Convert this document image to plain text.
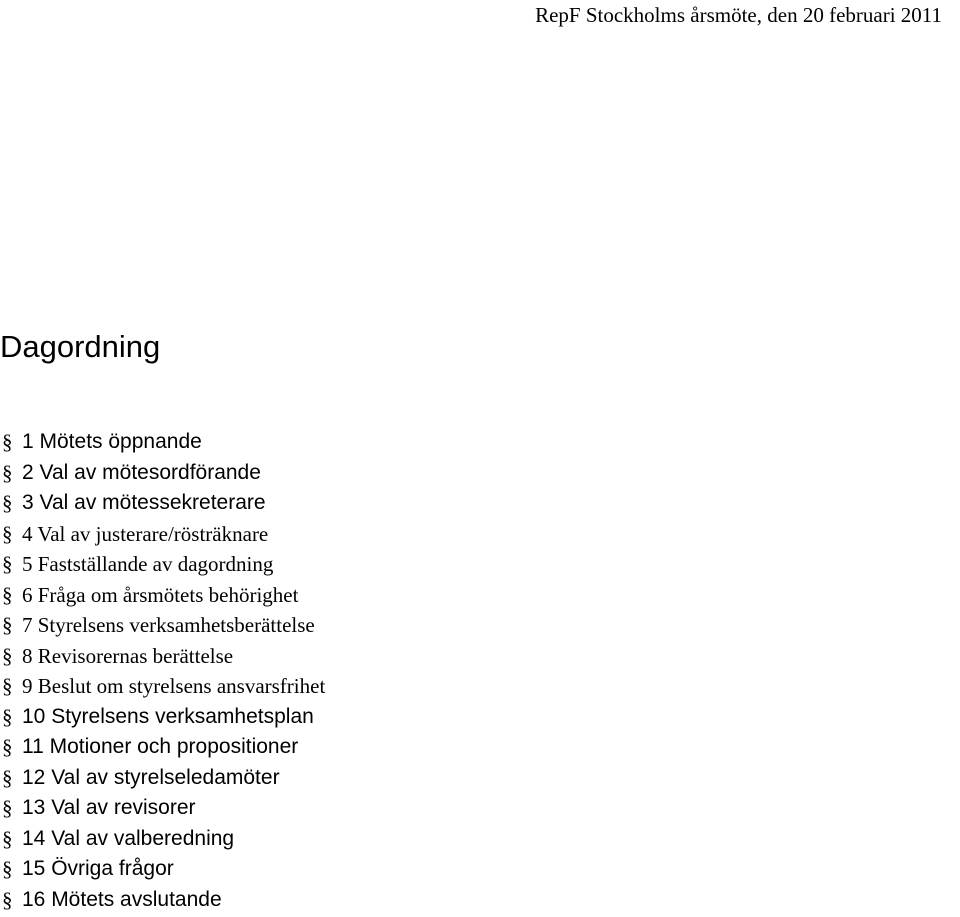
RepF Stockholms årsmöte, den 20 februari 2011
Dagordning
§ 1 Mötets öppnande
§ 2 Val av mötesordförande
§ 3 Val av mötessekreterare
§ 4 Val av justerare/rösträknare
§ 5 Fastställande av dagordning
§ 6 Fråga om årsmötets behörighet
§ 7 Styrelsens verksamhetsberättelse
§ 8 Revisorernas berättelse
§ 9 Beslut om styrelsens ansvarsfrihet
§ 10 Styrelsens verksamhetsplan
§ 11 Motioner och propositioner
§ 12 Val av styrelseledamöter
§ 13 Val av revisorer
§ 14 Val av valberedning
§ 15 Övriga frågor
§ 16 Mötets avslutande
